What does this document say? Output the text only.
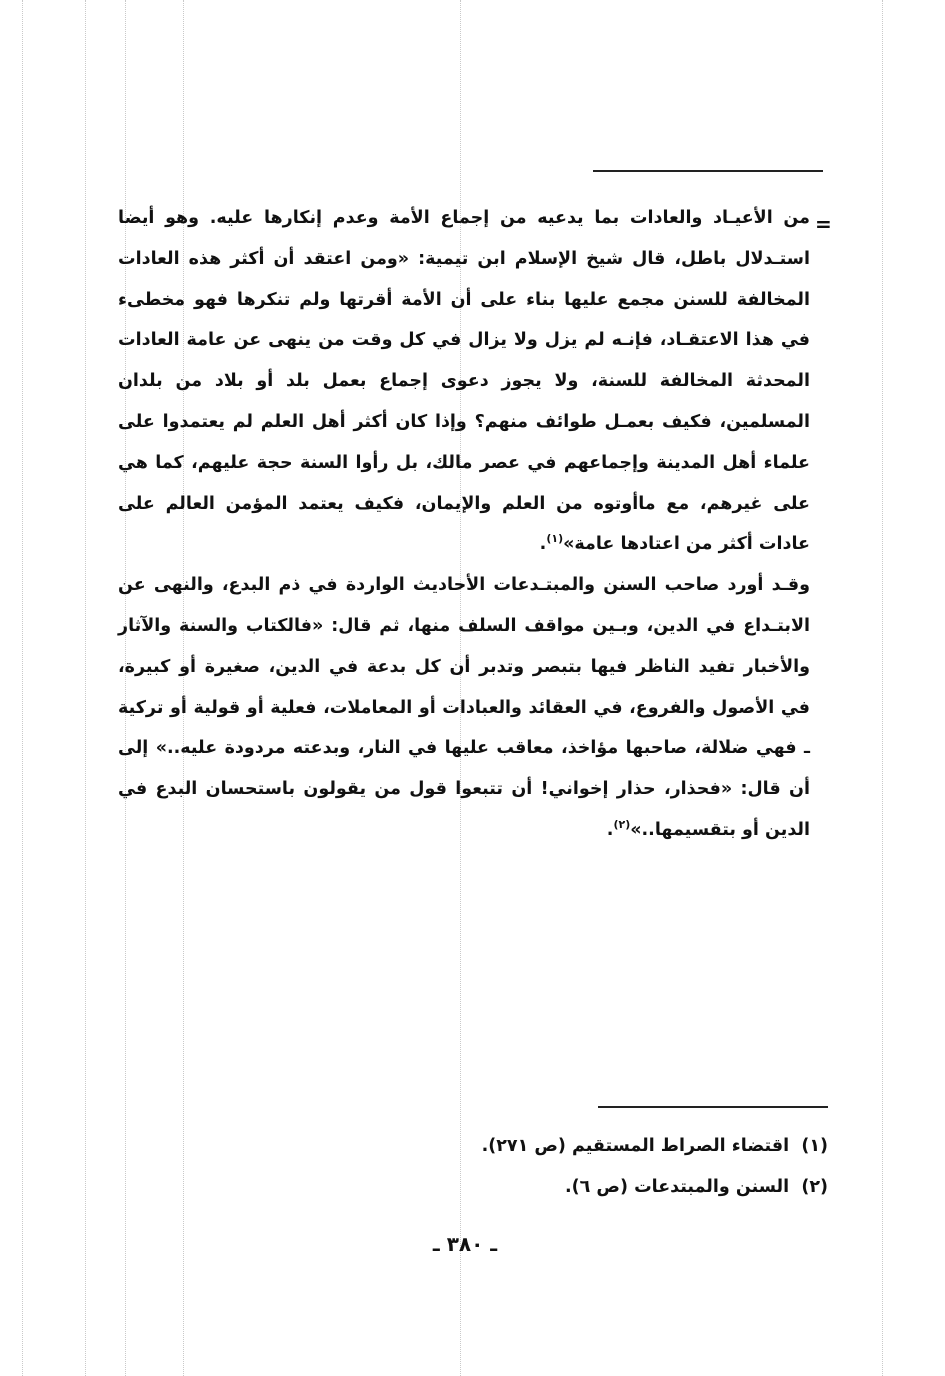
=

من الأعيـاد والعادات بما يدعيه من إجماع الأمة وعدم إنكارها عليه. وهو أيضا استـدلال باطل، قال شيخ الإسلام ابن تيمية: «ومن اعتقد أن أكثر هذه العادات المخالفة للسنن مجمع عليها بناء على أن الأمة أقرتها ولم تنكرها فهو مخطىء في هذا الاعتقـاد، فإنـه لم يزل ولا يزال في كل وقت من ينهى عن عامة العادات المحدثة المخالفة للسنة، ولا يجوز دعوى إجماع بعمل بلد أو بلاد من بلدان المسلمين، فكيف بعمـل طوائف منهم؟ وإذا كان أكثر أهل العلم لم يعتمدوا على علماء أهل المدينة وإجماعهم في عصر مالك، بل رأوا السنة حجة عليهم، كما هي على غيرهم، مع ماأوتوه من العلم والإيمان، فكيف يعتمد المؤمن العالم على عادات أكثر من اعتادها عامة»$^{(١)}$.

وقـد أورد صاحب السنن والمبتـدعات الأحاديث الواردة في ذم البدع، والنهى عن الابتـداع في الدين، وبـين مواقف السلف منها، ثم قال: «فالكتاب والسنة والآثار والأخبار تفيد الناظر فيها بتبصر وتدبر أن كل بدعة في الدين، صغيرة أو كبيرة، في الأصول والفروع، في العقائد والعبادات أو المعاملات، فعلية أو قولية أو تركية ـ فهي ضلالة، صاحبها مؤاخذ، معاقب عليها في النار، وبدعته مردودة عليه..» إلى أن قال: «فحذار، حذار إخواني! أن تتبعوا قول من يقولون باستحسان البدع في الدين أو بتقسيمها..»$^{(٢)}$.

(١)  اقتضاء الصراط المستقيم (ص ٢٧١).
(٢)  السنن والمبتدعات (ص ٦).
ـ ٣٨٠ ـ
